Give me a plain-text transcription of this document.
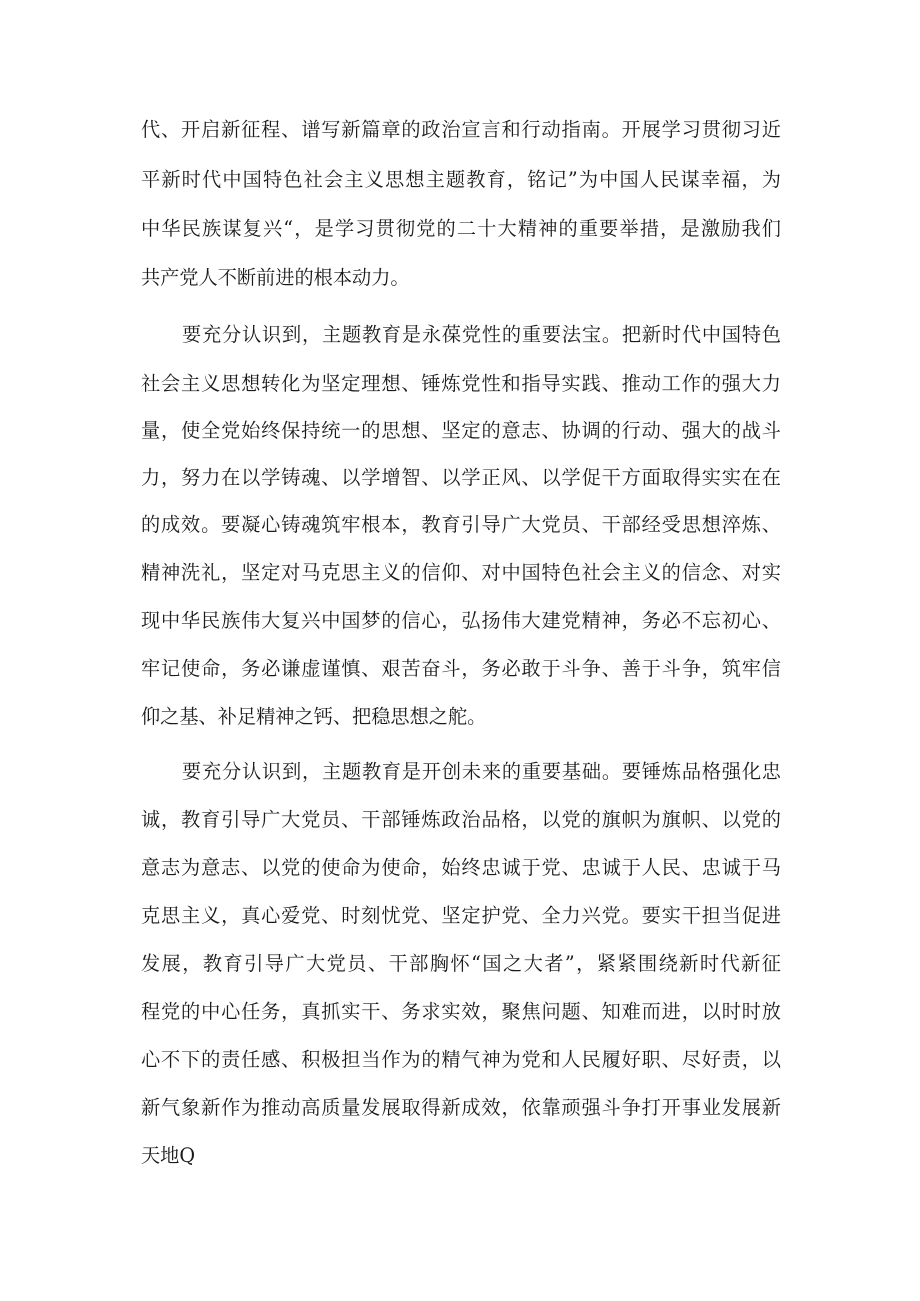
代、开启新征程、谱写新篇章的政治宣言和行动指南。开展学习贯彻习近
平新时代中国特色社会主义思想主题教育，铭记”为中国人民谋幸福，为
中华民族谋复兴“，是学习贯彻党的二十大精神的重要举措，是激励我们
共产党人不断前进的根本动力。
要充分认识到，主题教育是永葆党性的重要法宝。把新时代中国特色
社会主义思想转化为坚定理想、锤炼党性和指导实践、推动工作的强大力
量，使全党始终保持统一的思想、坚定的意志、协调的行动、强大的战斗
力，努力在以学铸魂、以学增智、以学正风、以学促干方面取得实实在在
的成效。要凝心铸魂筑牢根本，教育引导广大党员、干部经受思想淬炼、
精神洗礼，坚定对马克思主义的信仰、对中国特色社会主义的信念、对实
现中华民族伟大复兴中国梦的信心，弘扬伟大建党精神，务必不忘初心、
牢记使命，务必谦虚谨慎、艰苦奋斗，务必敢于斗争、善于斗争，筑牢信
仰之基、补足精神之钙、把稳思想之舵。
要充分认识到，主题教育是开创未来的重要基础。要锤炼品格强化忠
诚，教育引导广大党员、干部锤炼政治品格，以党的旗帜为旗帜、以党的
意志为意志、以党的使命为使命，始终忠诚于党、忠诚于人民、忠诚于马
克思主义，真心爱党、时刻忧党、坚定护党、全力兴党。要实干担当促进
发展，教育引导广大党员、干部胸怀“国之大者”，紧紧围绕新时代新征
程党的中心任务，真抓实干、务求实效，聚焦问题、知难而进，以时时放
心不下的责任感、积极担当作为的精气神为党和人民履好职、尽好责，以
新气象新作为推动高质量发展取得新成效，依靠顽强斗争打开事业发展新
天地Q
